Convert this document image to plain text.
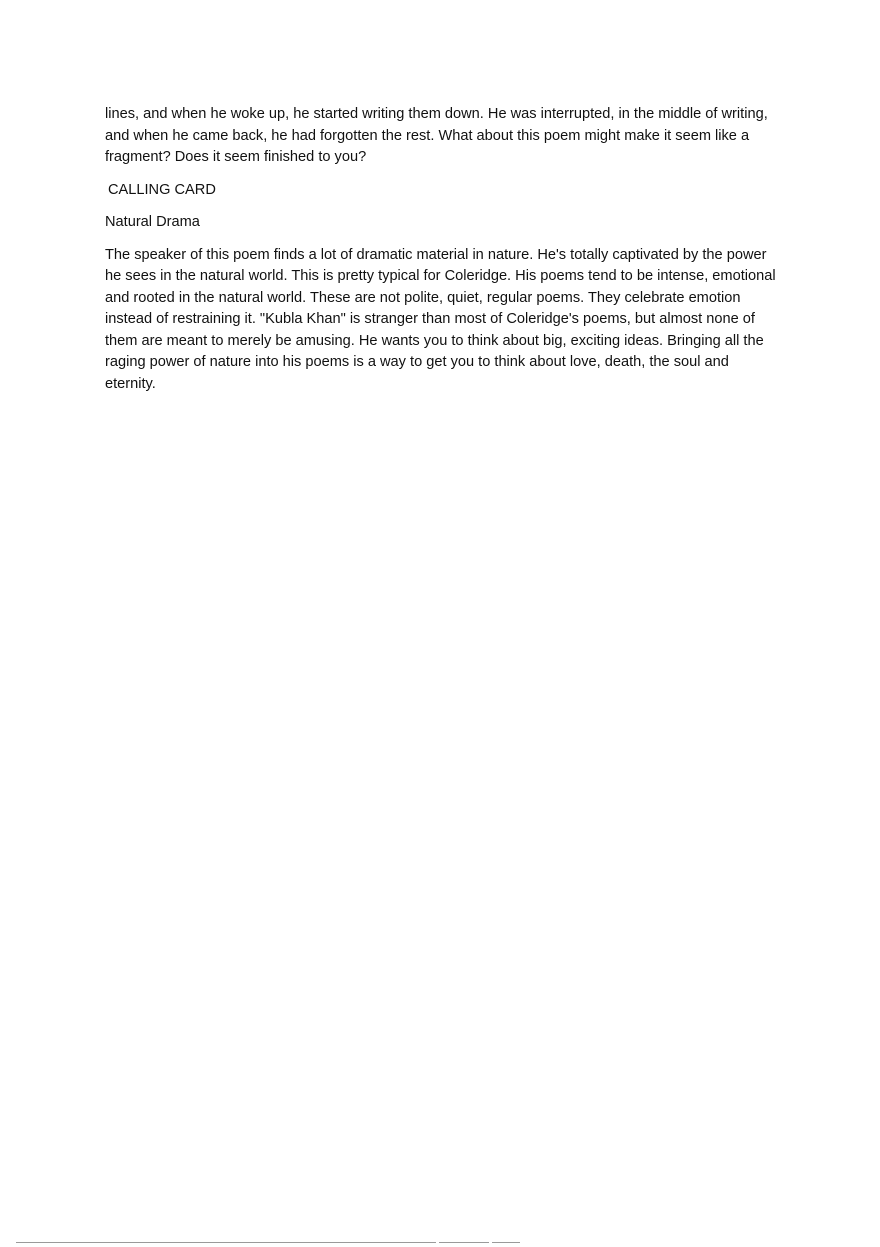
lines, and when he woke up, he started writing them down. He was interrupted, in the middle of writing, and when he came back, he had forgotten the rest. What about this poem might make it seem like a fragment? Does it seem finished to you?

CALLING CARD

Natural Drama

The speaker of this poem finds a lot of dramatic material in nature. He's totally captivated by the power he sees in the natural world. This is pretty typical for Coleridge. His poems tend to be intense, emotional and rooted in the natural world. These are not polite, quiet, regular poems. They celebrate emotion instead of restraining it. "Kubla Khan" is stranger than most of Coleridge's poems, but almost none of them are meant to merely be amusing. He wants you to think about big, exciting ideas. Bringing all the raging power of nature into his poems is a way to get you to think about love, death, the soul and eternity.
